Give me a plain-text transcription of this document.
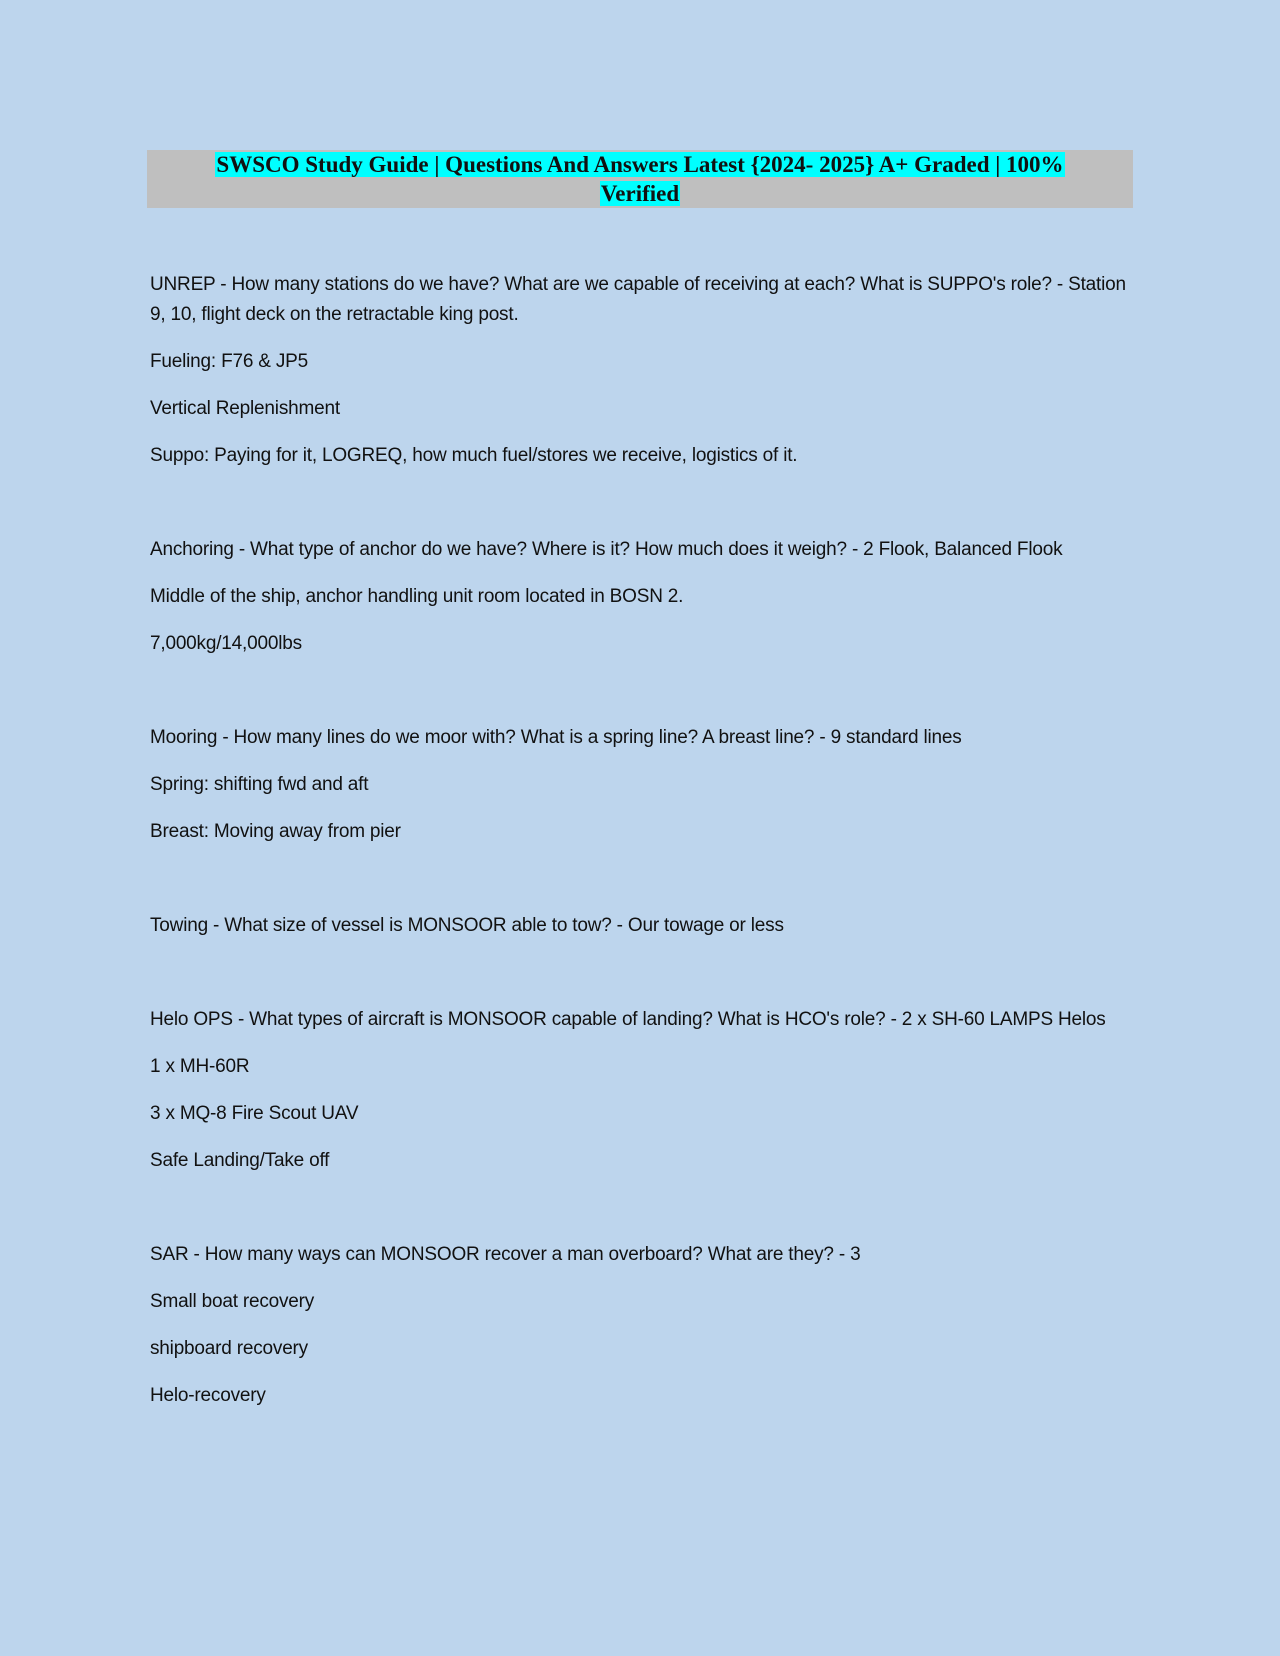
SWSCO Study Guide | Questions And Answers Latest {2024- 2025} A+ Graded | 100%
Verified

UNREP - How many stations do we have? What are we capable of receiving at each? What is SUPPO's role? - Station 9, 10, flight deck on the retractable king post.

Fueling: F76 & JP5

Vertical Replenishment

Suppo: Paying for it, LOGREQ, how much fuel/stores we receive, logistics of it.

Anchoring - What type of anchor do we have? Where is it? How much does it weigh? - 2 Flook, Balanced Flook

Middle of the ship, anchor handling unit room located in BOSN 2.

7,000kg/14,000lbs

Mooring - How many lines do we moor with? What is a spring line? A breast line? - 9 standard lines

Spring: shifting fwd and aft

Breast: Moving away from pier

Towing - What size of vessel is MONSOOR able to tow? - Our towage or less

Helo OPS - What types of aircraft is MONSOOR capable of landing? What is HCO's role? - 2 x SH-60 LAMPS Helos

1 x MH-60R

3 x MQ-8 Fire Scout UAV

Safe Landing/Take off

SAR - How many ways can MONSOOR recover a man overboard? What are they? - 3

Small boat recovery

shipboard recovery

Helo-recovery
